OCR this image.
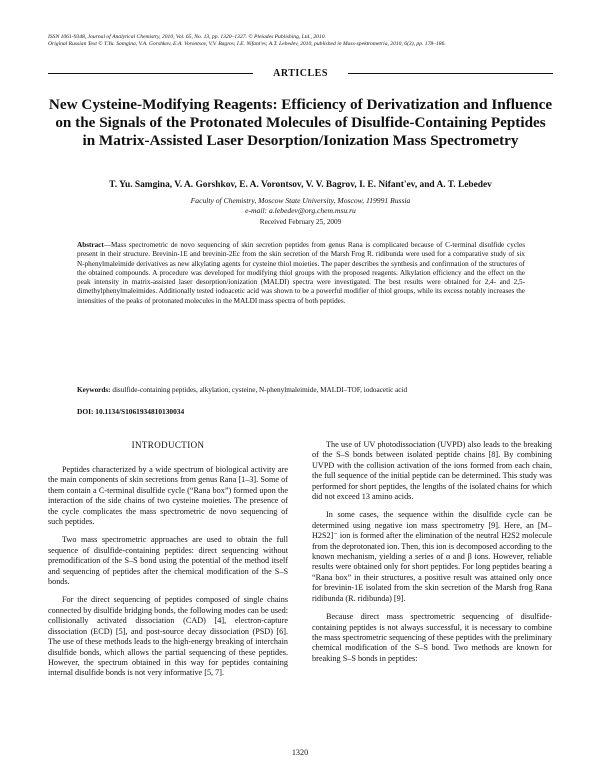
ISSN 1061-9348, Journal of Analytical Chemistry, 2010, Vol. 65, No. 13, pp. 1320–1327. © Pleiades Publishing, Ltd., 2010.
Original Russian Text © T.Yu. Samgina, V.A. Gorshkov, E.A. Vorontsov, V.V. Bagrov, I.E. Nifant'ev, A.T. Lebedev, 2010, published in Mass-spektrometria, 2010, 6(3), pp. 178–186.
ARTICLES
New Cysteine-Modifying Reagents: Efficiency of Derivatization and Influence on the Signals of the Protonated Molecules of Disulfide-Containing Peptides in Matrix-Assisted Laser Desorption/Ionization Mass Spectrometry
T. Yu. Samgina, V. A. Gorshkov, E. A. Vorontsov, V. V. Bagrov, I. E. Nifant'ev, and A. T. Lebedev
Faculty of Chemistry, Moscow State University, Moscow, 119991 Russia
e-mail: a.lebedev@org.chem.msu.ru
Received February 25, 2009
Abstract—Mass spectrometric de novo sequencing of skin secretion peptides from genus Rana is complicated because of C-terminal disulfide cycles present in their structure. Brevinin-1E and brevinin-2Ec from the skin secretion of the Marsh Frog R. ridibunda were used for a comparative study of six N-phenylmaleimide derivatives as new alkylating agents for cysteine thiol moieties. The paper describes the synthesis and confirmation of the structures of the obtained compounds. A procedure was developed for modifying thiol groups with the proposed reagents. Alkylation efficiency and the effect on the peak intensity in matrix-assisted laser desorption/ionization (MALDI) spectra were investigated. The best results were obtained for 2,4- and 2,5-dimethylphenylmaleimides. Additionally tested iodoacetic acid was shown to be a powerful modifier of thiol groups, while its excess notably increases the intensities of the peaks of protonated molecules in the MALDI mass spectra of both peptides.
Keywords: disulfide-containing peptides, alkylation, cysteine, N-phenylmaleimide, MALDI–TOF, iodoacetic acid
DOI: 10.1134/S1061934810130034
INTRODUCTION

Peptides characterized by a wide spectrum of biological activity are the main components of skin secretions from genus Rana [1–3]. Some of them contain a C-terminal disulfide cycle (“Rana box”) formed upon the interaction of the side chains of two cysteine moieties. The presence of the cycle complicates the mass spectrometric de novo sequencing of such peptides.

Two mass spectrometric approaches are used to obtain the full sequence of disulfide-containing peptides: direct sequencing without premodification of the S–S bond using the potential of the method itself and sequencing of peptides after the chemical modification of the S–S bonds.

For the direct sequencing of peptides composed of single chains connected by disulfide bridging bonds, the following modes can be used: collisionally activated dissociation (CAD) [4], electron-capture dissociation (ECD) [5], and post-source decay dissociation (PSD) [6]. The use of these methods leads to the high-energy breaking of interchain disulfide bonds, which allows the partial sequencing of these peptides. However, the spectrum obtained in this way for peptides containing internal disulfide bonds is not very informative [5, 7].

The use of UV photodissociation (UVPD) also leads to the breaking of the S–S bonds between isolated peptide chains [8]. By combining UVPD with the collision activation of the ions formed from each chain, the full sequence of the initial peptide can be determined. This study was performed for short peptides, the lengths of the isolated chains for which did not exceed 13 amino acids.

In some cases, the sequence within the disulfide cycle can be determined using negative ion mass spectrometry [9]. Here, an [M–H2S2]⁻ ion is formed after the elimination of the neutral H2S2 molecule from the deprotonated ion. Then, this ion is decomposed according to the known mechanism, yielding a series of α and β ions. However, reliable results were obtained only for short peptides. For long peptides bearing a “Rana box” in their structures, a positive result was attained only once for brevinin-1E isolated from the skin secretion of the Marsh frog Rana ridibunda (R. ridibunda) [9].

Because direct mass spectrometric sequencing of disulfide-containing peptides is not always successful, it is necessary to combine the mass spectrometric sequencing of these peptides with the preliminary chemical modification of the S–S bond. Two methods are known for breaking S–S bonds in peptides:

1320
